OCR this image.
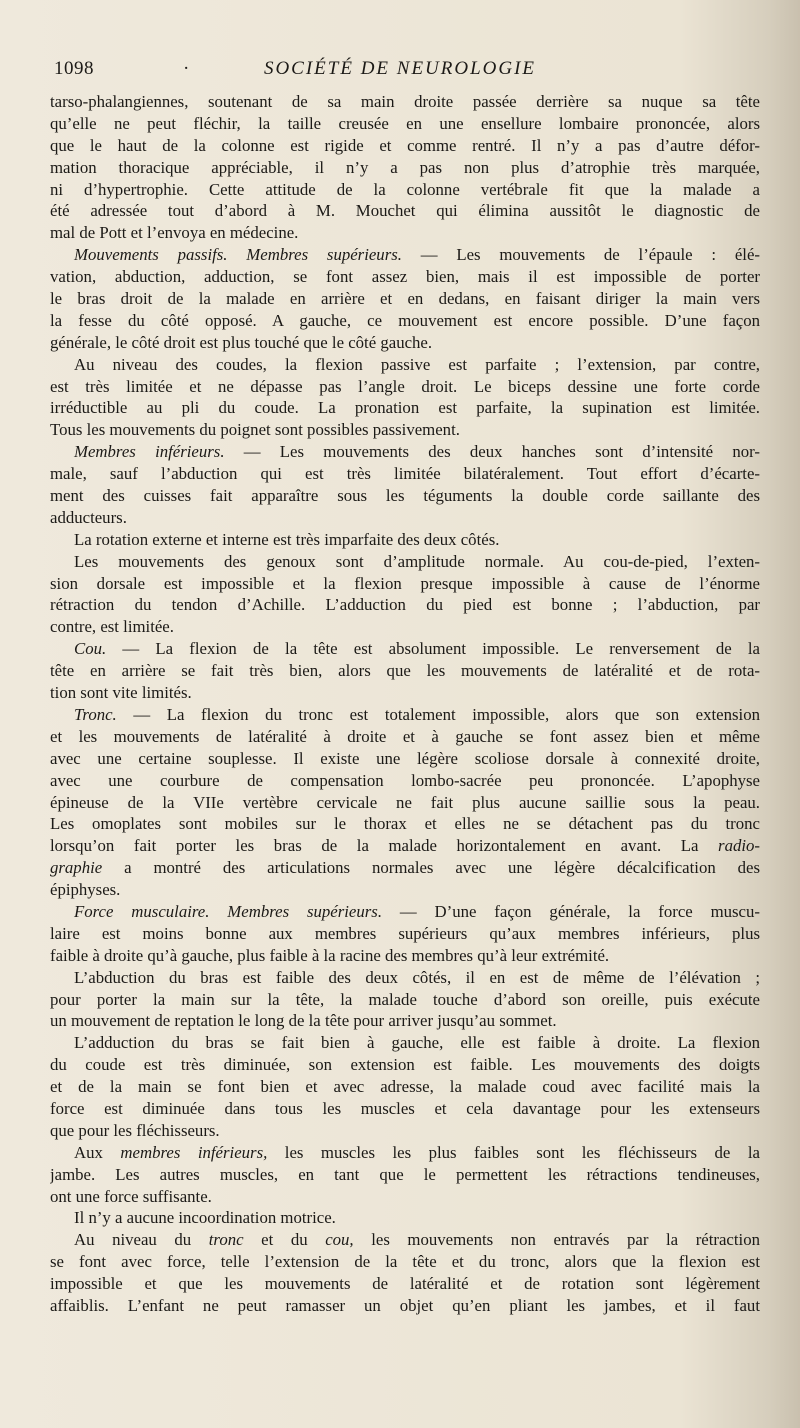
1098	·	SOCIÉTÉ DE NEUROLOGIE
tarso-phalangiennes, soutenant de sa main droite passée derrière sa nuque sa tête
qu’elle ne peut fléchir, la taille creusée en une ensellure lombaire prononcée, alors
que le haut de la colonne est rigide et comme rentré. Il n’y a pas d’autre défor-
mation thoracique appréciable, il n’y a pas non plus d’atrophie très marquée,
ni d’hypertrophie. Cette attitude de la colonne vertébrale fit que la malade a
été adressée tout d’abord à M. Mouchet qui élimina aussitôt le diagnostic de
mal de Pott et l’envoya en médecine.
Mouvements passifs. Membres supérieurs. — Les mouvements de l’épaule : élé-
vation, abduction, adduction, se font assez bien, mais il est impossible de porter
le bras droit de la malade en arrière et en dedans, en faisant diriger la main vers
la fesse du côté opposé. A gauche, ce mouvement est encore possible. D’une façon
générale, le côté droit est plus touché que le côté gauche.
Au niveau des coudes, la flexion passive est parfaite ; l’extension, par contre,
est très limitée et ne dépasse pas l’angle droit. Le biceps dessine une forte corde
irréductible au pli du coude. La pronation est parfaite, la supination est limitée.
Tous les mouvements du poignet sont possibles passivement.
Membres inférieurs. — Les mouvements des deux hanches sont d’intensité nor-
male, sauf l’abduction qui est très limitée bilatéralement. Tout effort d’écarte-
ment des cuisses fait apparaître sous les téguments la double corde saillante des
adducteurs.
La rotation externe et interne est très imparfaite des deux côtés.
Les mouvements des genoux sont d’amplitude normale. Au cou-de-pied, l’exten-
sion dorsale est impossible et la flexion presque impossible à cause de l’énorme
rétraction du tendon d’Achille. L’adduction du pied est bonne ; l’abduction, par
contre, est limitée.
Cou. — La flexion de la tête est absolument impossible. Le renversement de la
tête en arrière se fait très bien, alors que les mouvements de latéralité et de rota-
tion sont vite limités.
Tronc. — La flexion du tronc est totalement impossible, alors que son extension
et les mouvements de latéralité à droite et à gauche se font assez bien et même
avec une certaine souplesse. Il existe une légère scoliose dorsale à connexité droite,
avec une courbure de compensation lombo-sacrée peu prononcée. L’apophyse
épineuse de la VIIe vertèbre cervicale ne fait plus aucune saillie sous la peau.
Les omoplates sont mobiles sur le thorax et elles ne se détachent pas du tronc
lorsqu’on fait porter les bras de la malade horizontalement en avant. La radio-
graphie a montré des articulations normales avec une légère décalcification des
épiphyses.
Force musculaire. Membres supérieurs. — D’une façon générale, la force muscu-
laire est moins bonne aux membres supérieurs qu’aux membres inférieurs, plus
faible à droite qu’à gauche, plus faible à la racine des membres qu’à leur extrémité.
L’abduction du bras est faible des deux côtés, il en est de même de l’élévation ;
pour porter la main sur la tête, la malade touche d’abord son oreille, puis exécute
un mouvement de reptation le long de la tête pour arriver jusqu’au sommet.
L’adduction du bras se fait bien à gauche, elle est faible à droite. La flexion
du coude est très diminuée, son extension est faible. Les mouvements des doigts
et de la main se font bien et avec adresse, la malade coud avec facilité mais la
force est diminuée dans tous les muscles et cela davantage pour les extenseurs
que pour les fléchisseurs.
Aux membres inférieurs, les muscles les plus faibles sont les fléchisseurs de la
jambe. Les autres muscles, en tant que le permettent les rétractions tendineuses,
ont une force suffisante.
Il n’y a aucune incoordination motrice.
Au niveau du tronc et du cou, les mouvements non entravés par la rétraction
se font avec force, telle l’extension de la tête et du tronc, alors que la flexion est
impossible et que les mouvements de latéralité et de rotation sont légèrement
affaiblis. L’enfant ne peut ramasser un objet qu’en pliant les jambes, et il faut
